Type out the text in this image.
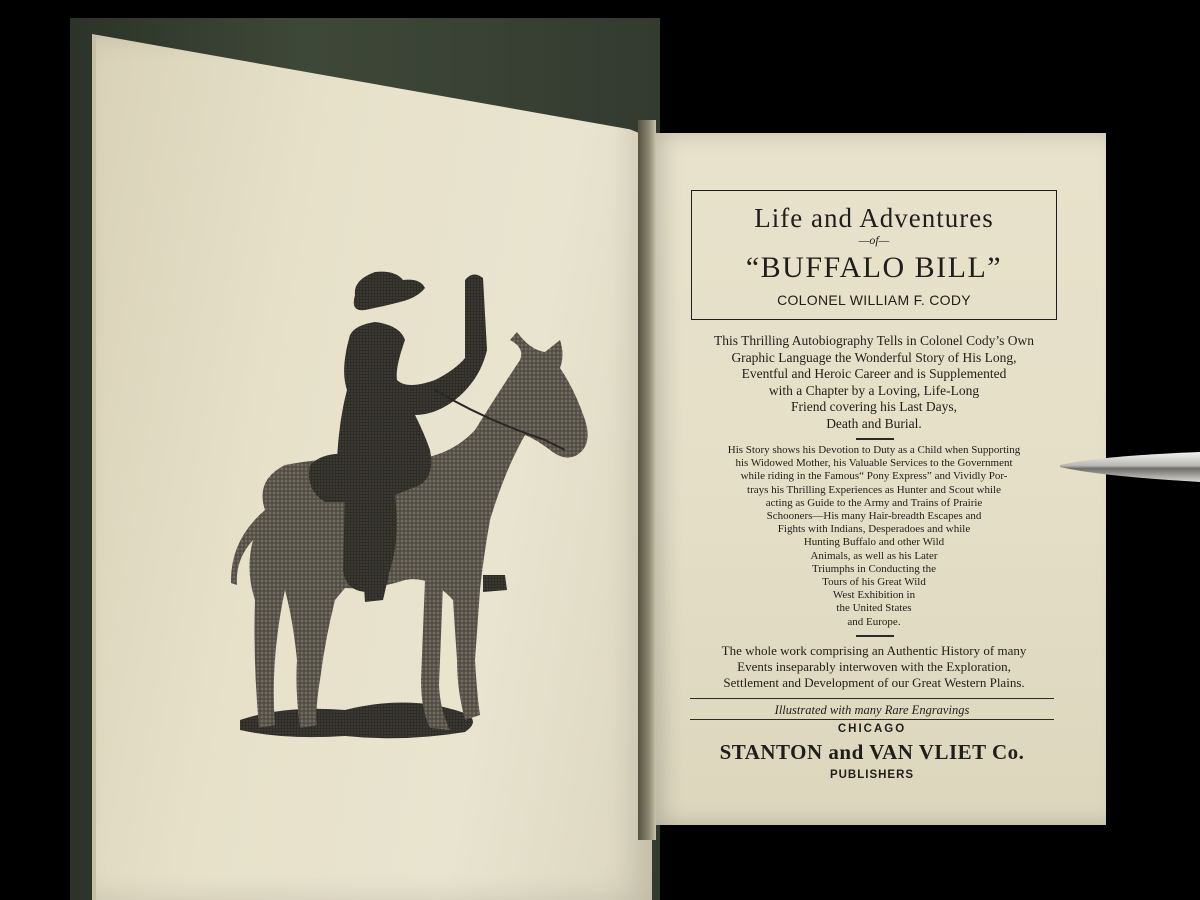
Life and Adventures
—of—
“BUFFALO BILL”
COLONEL WILLIAM F. CODY
This Thrilling Autobiography Tells in Colonel Cody’s Own
Graphic Language the Wonderful Story of His Long,
Eventful and Heroic Career and is Supplemented
with a Chapter by a Loving, Life-Long
Friend covering his Last Days,
Death and Burial.
His Story shows his Devotion to Duty as a Child when Supporting
his Widowed Mother, his Valuable Services to the Government
while riding in the Famous“ Pony Express” and Vividly Por-
trays his Thrilling Experiences as Hunter and Scout while
acting as Guide to the Army and Trains of Prairie
Schooners—His many Hair-breadth Escapes and
Fights with Indians, Desperadoes and while
Hunting Buffalo and other Wild
Animals, as well as his Later
Triumphs in Conducting the
Tours of his Great Wild
West Exhibition in
the United States
and Europe.
The whole work comprising an Authentic History of many
Events inseparably interwoven with the Exploration,
Settlement and Development of our Great Western Plains.
Illustrated with many Rare Engravings
CHICAGO
STANTON and VAN VLIET Co.
PUBLISHERS
